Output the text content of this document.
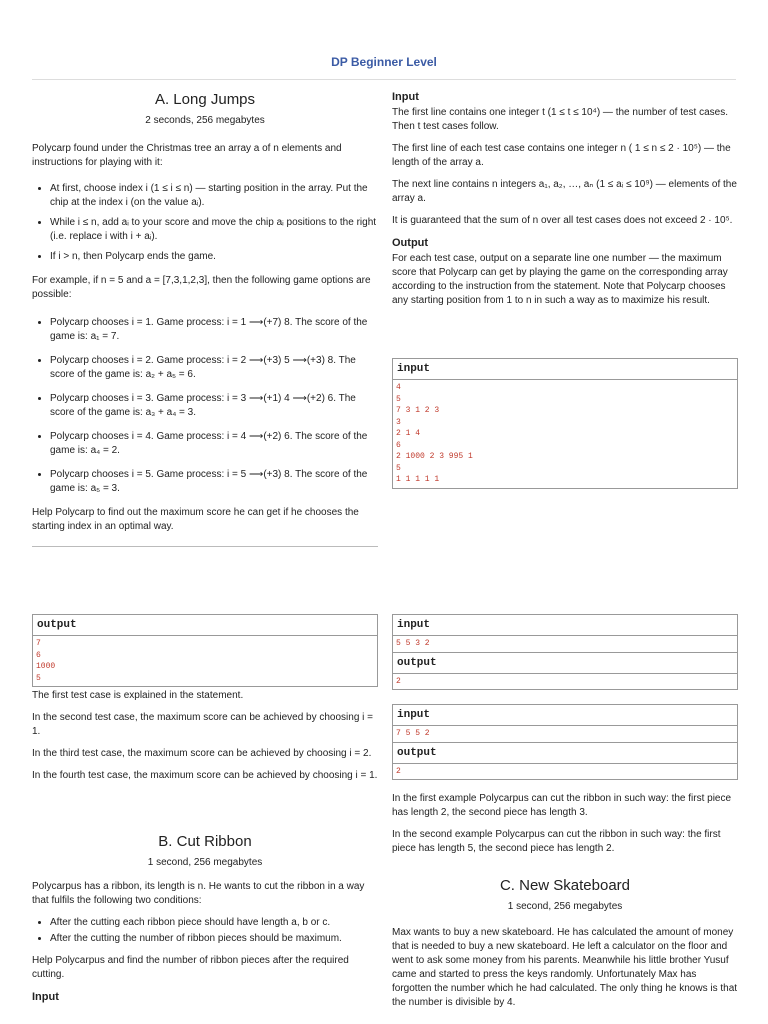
DP Beginner Level
A. Long Jumps
2 seconds, 256 megabytes

Polycarp found under the Christmas tree an array a of n elements and instructions for playing with it:

• At first, choose index i (1 ≤ i ≤ n) — starting position in the array. Put the chip at the index i (on the value aᵢ).
• While i ≤ n, add aᵢ to your score and move the chip aᵢ positions to the right (i.e. replace i with i + aᵢ).
• If i > n, then Polycarp ends the game.

For example, if n = 5 and a = [7,3,1,2,3], then the following game options are possible:

• Polycarp chooses i = 1. Game process: i = 1 ⟶(+7) 8. The score of the game is: a₁ = 7.
• Polycarp chooses i = 2. Game process: i = 2 ⟶(+3) 5 ⟶(+3) 8. The score of the game is: a₂ + a₅ = 6.
• Polycarp chooses i = 3. Game process: i = 3 ⟶(+1) 4 ⟶(+2) 6. The score of the game is: a₃ + a₄ = 3.
• Polycarp chooses i = 4. Game process: i = 4 ⟶(+2) 6. The score of the game is: a₄ = 2.
• Polycarp chooses i = 5. Game process: i = 5 ⟶(+3) 8. The score of the game is: a₅ = 3.

Help Polycarp to find out the maximum score he can get if he chooses the starting index in an optimal way.

Input

The first line contains one integer t (1 ≤ t ≤ 10⁴) — the number of test cases. Then t test cases follow.

The first line of each test case contains one integer n ( 1 ≤ n ≤ 2 · 10⁵) — the length of the array a.

The next line contains n integers a₁, a₂, …, aₙ (1 ≤ aᵢ ≤ 10⁹) — elements of the array a.

It is guaranteed that the sum of n over all test cases does not exceed 2 · 10⁵.

Output

For each test case, output on a separate line one number — the maximum score that Polycarp can get by playing the game on the corresponding array according to the instruction from the statement. Note that Polycarp chooses any starting position from 1 to n in such a way as to maximize his result.

input
4
5
7 3 1 2 3
3
2 1 4
6
2 1000 2 3 995 1
5
1 1 1 1 1
output
7
6
1000
5

The first test case is explained in the statement.

In the second test case, the maximum score can be achieved by choosing i = 1.

In the third test case, the maximum score can be achieved by choosing i = 2.

In the fourth test case, the maximum score can be achieved by choosing i = 1.

B. Cut Ribbon
1 second, 256 megabytes

Polycarpus has a ribbon, its length is n. He wants to cut the ribbon in a way that fulfils the following two conditions:

• After the cutting each ribbon piece should have length a, b or c.
• After the cutting the number of ribbon pieces should be maximum.

Help Polycarpus and find the number of ribbon pieces after the required cutting.

Input
input
5 5 3 2
output
2
input
7 5 5 2
output
2

In the first example Polycarpus can cut the ribbon in such way: the first piece has length 2, the second piece has length 3.

In the second example Polycarpus can cut the ribbon in such way: the first piece has length 5, the second piece has length 2.

C. New Skateboard
1 second, 256 megabytes

Max wants to buy a new skateboard. He has calculated the amount of money that is needed to buy a new skateboard. He left a calculator on the floor and went to ask some money from his parents. Meanwhile his little brother Yusuf came and started to press the keys randomly. Unfortunately Max has forgotten the number which he had calculated. The only thing he knows is that the number is divisible by 4.
